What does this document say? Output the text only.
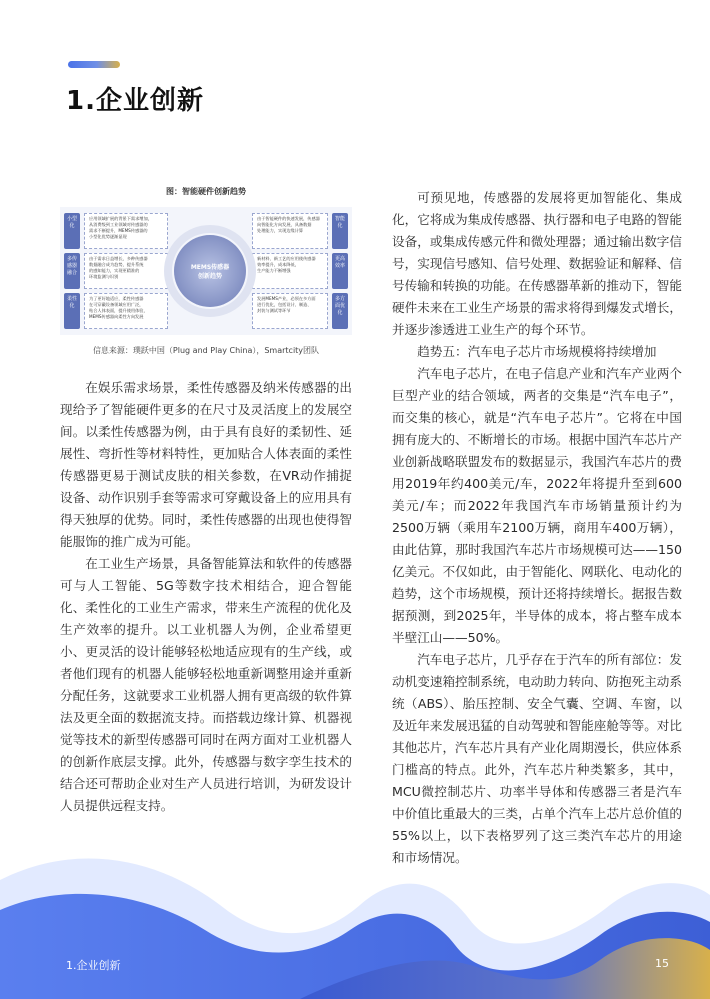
1.企业创新
图：智能硬件创新趋势
小型化
多传感器融合
柔性化
智能化
更高效率
多方面优化
应用领域扩展的背景下需求增加，
从消费级到工业领域对传感器的
需求不断提升，MEMS传感器的
小型化优势逐渐显现
由于需求日益增长，多种传感器
数据融合成为趋势，提升系统
的感知能力，实现更精准的
环境监测与识别
为了更好地适应，柔性传感器
在可穿戴设备领域应用广泛，
贴合人体表面，提升使用体验，
MEMS传感器向柔性方向发展
由于智能硬件的快速发展，传感器
向智能化方向发展，具备数据
处理能力，实现边缘计算
新材料、新工艺的应用使传感器
效率提升，成本降低，
生产能力不断增强
发展MEMS产业，必须在多方面
进行优化，包括设计、制造、
封装与测试等环节
MEMS传感器
创新趋势
信息来源：璞跃中国（Plug and Play China），Smartcity团队

在娱乐需求场景，柔性传感器及纳米传感器的出现给予了智能硬件更多的在尺寸及灵活度上的发展空间。以柔性传感器为例，由于具有良好的柔韧性、延展性、弯折性等材料特性，更加贴合人体表面的柔性传感器更易于测试皮肤的相关参数，在VR动作捕捉设备、动作识别手套等需求可穿戴设备上的应用具有得天独厚的优势。同时，柔性传感器的出现也使得智能服饰的推广成为可能。

在工业生产场景，具备智能算法和软件的传感器可与人工智能、5G等数字技术相结合，迎合智能化、柔性化的工业生产需求，带来生产流程的优化及生产效率的提升。以工业机器人为例，企业希望更小、更灵活的设计能够轻松地适应现有的生产线，或者他们现有的机器人能够轻松地重新调整用途并重新分配任务，这就要求工业机器人拥有更高级的软件算法及更全面的数据流支持。而搭载边缘计算、机器视觉等技术的新型传感器可同时在两方面对工业机器人的创新作底层支撑。此外，传感器与数字孪生技术的结合还可帮助企业对生产人员进行培训，为研发设计人员提供远程支持。

可预见地，传感器的发展将更加智能化、集成化，它将成为集成传感器、执行器和电子电路的智能设备，或集成传感元件和微处理器；通过输出数字信号，实现信号感知、信号处理、数据验证和解释、信号传输和转换的功能。在传感器革新的推动下，智能硬件未来在工业生产场景的需求将得到爆发式增长，并逐步渗透进工业生产的每个环节。

趋势五：汽车电子芯片市场规模将持续增加

汽车电子芯片，在电子信息产业和汽车产业两个巨型产业的结合领域，两者的交集是“汽车电子”，而交集的核心，就是“汽车电子芯片”。它将在中国拥有庞大的、不断增长的市场。根据中国汽车芯片产业创新战略联盟发布的数据显示，我国汽车芯片的费用2019年约400美元/车，2022年将提升至到600美元/车；而2022年我国汽车市场销量预计约为2500万辆（乘用车2100万辆，商用车400万辆），由此估算，那时我国汽车芯片市场规模可达——150亿美元。不仅如此，由于智能化、网联化、电动化的趋势，这个市场规模，预计还将持续增长。据报告数据预测，到2025年，半导体的成本，将占整车成本半壁江山——50%。

汽车电子芯片，几乎存在于汽车的所有部位：发动机变速箱控制系统，电动助力转向、防抱死主动系统（ABS）、胎压控制、安全气囊、空调、车窗，以及近年来发展迅猛的自动驾驶和智能座舱等等。对比其他芯片，汽车芯片具有产业化周期漫长，供应体系门槛高的特点。此外，汽车芯片种类繁多，其中，MCU微控制芯片、功率半导体和传感器三者是汽车中价值比重最大的三类，占单个汽车上芯片总价值的55%以上，以下表格罗列了这三类汽车芯片的用途和市场情况。

1.企业创新	15
